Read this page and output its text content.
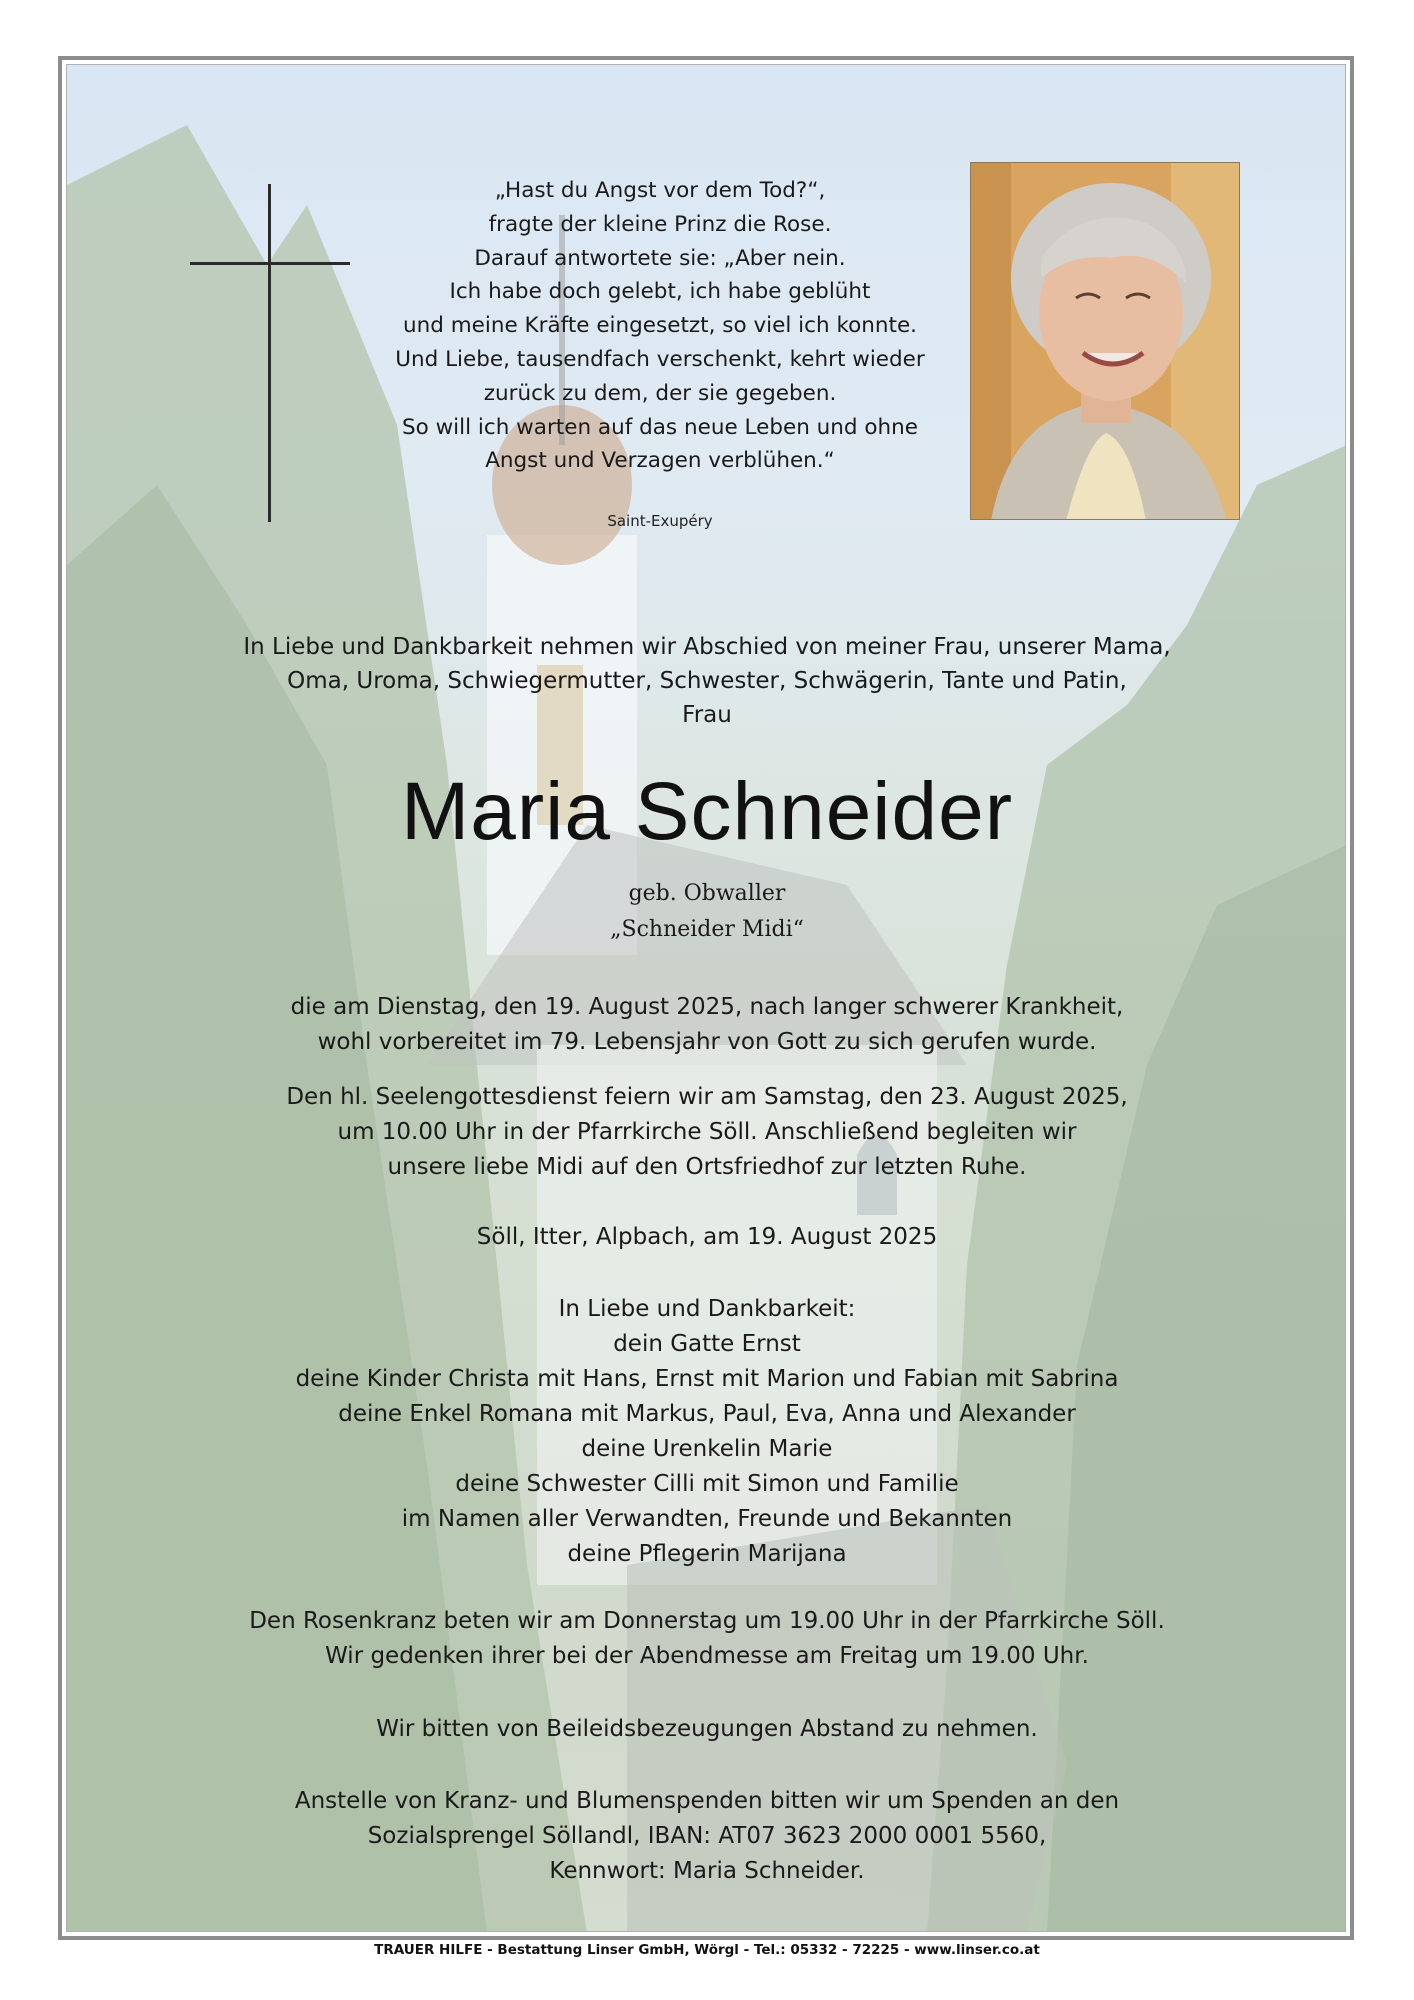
„Hast du Angst vor dem Tod?“,
fragte der kleine Prinz die Rose.
Darauf antwortete sie: „Aber nein.
Ich habe doch gelebt, ich habe geblüht
und meine Kräfte eingesetzt, so viel ich konnte.
Und Liebe, tausendfach verschenkt, kehrt wieder
zurück zu dem, der sie gegeben.
So will ich warten auf das neue Leben und ohne
Angst und Verzagen verblühen.“

Saint-Exupéry

In Liebe und Dankbarkeit nehmen wir Abschied von meiner Frau, unserer Mama,
Oma, Uroma, Schwiegermutter, Schwester, Schwägerin, Tante und Patin,
Frau

Maria Schneider
geb. Obwaller
„Schneider Midi“

die am Dienstag, den 19. August 2025, nach langer schwerer Krankheit,
wohl vorbereitet im 79. Lebensjahr von Gott zu sich gerufen wurde.

Den hl. Seelengottesdienst feiern wir am Samstag, den 23. August 2025,
um 10.00 Uhr in der Pfarrkirche Söll. Anschließend begleiten wir
unsere liebe Midi auf den Ortsfriedhof zur letzten Ruhe.

Söll, Itter, Alpbach, am 19. August 2025

In Liebe und Dankbarkeit:
dein Gatte Ernst
deine Kinder Christa mit Hans, Ernst mit Marion und Fabian mit Sabrina
deine Enkel Romana mit Markus, Paul, Eva, Anna und Alexander
deine Urenkelin Marie
deine Schwester Cilli mit Simon und Familie
im Namen aller Verwandten, Freunde und Bekannten
deine Pflegerin Marijana

Den Rosenkranz beten wir am Donnerstag um 19.00 Uhr in der Pfarrkirche Söll.
Wir gedenken ihrer bei der Abendmesse am Freitag um 19.00 Uhr.

Wir bitten von Beileidsbezeugungen Abstand zu nehmen.

Anstelle von Kranz- und Blumenspenden bitten wir um Spenden an den
Sozialsprengel Söllandl, IBAN: AT07 3623 2000 0001 5560,
Kennwort: Maria Schneider.

TRAUER HILFE - Bestattung Linser GmbH, Wörgl - Tel.: 05332 - 72225 - www.linser.co.at
